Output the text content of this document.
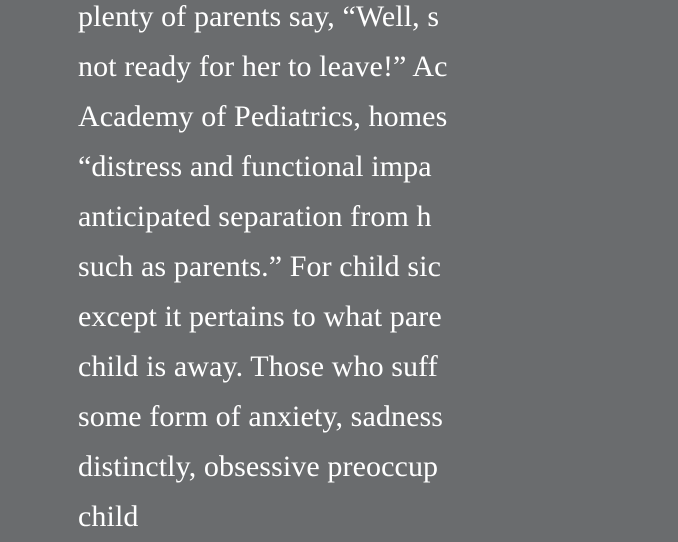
plenty of parents say, “Well, s
not ready for her to leave!” Ac
Academy of Pediatrics, homes
“distress and functional impa
anticipated separation from h
such as parents.” For child sic
except it pertains to what pare
child is away. Those who suff
some form of anxiety, sadness
distinctly, obsessive preoccup
child
